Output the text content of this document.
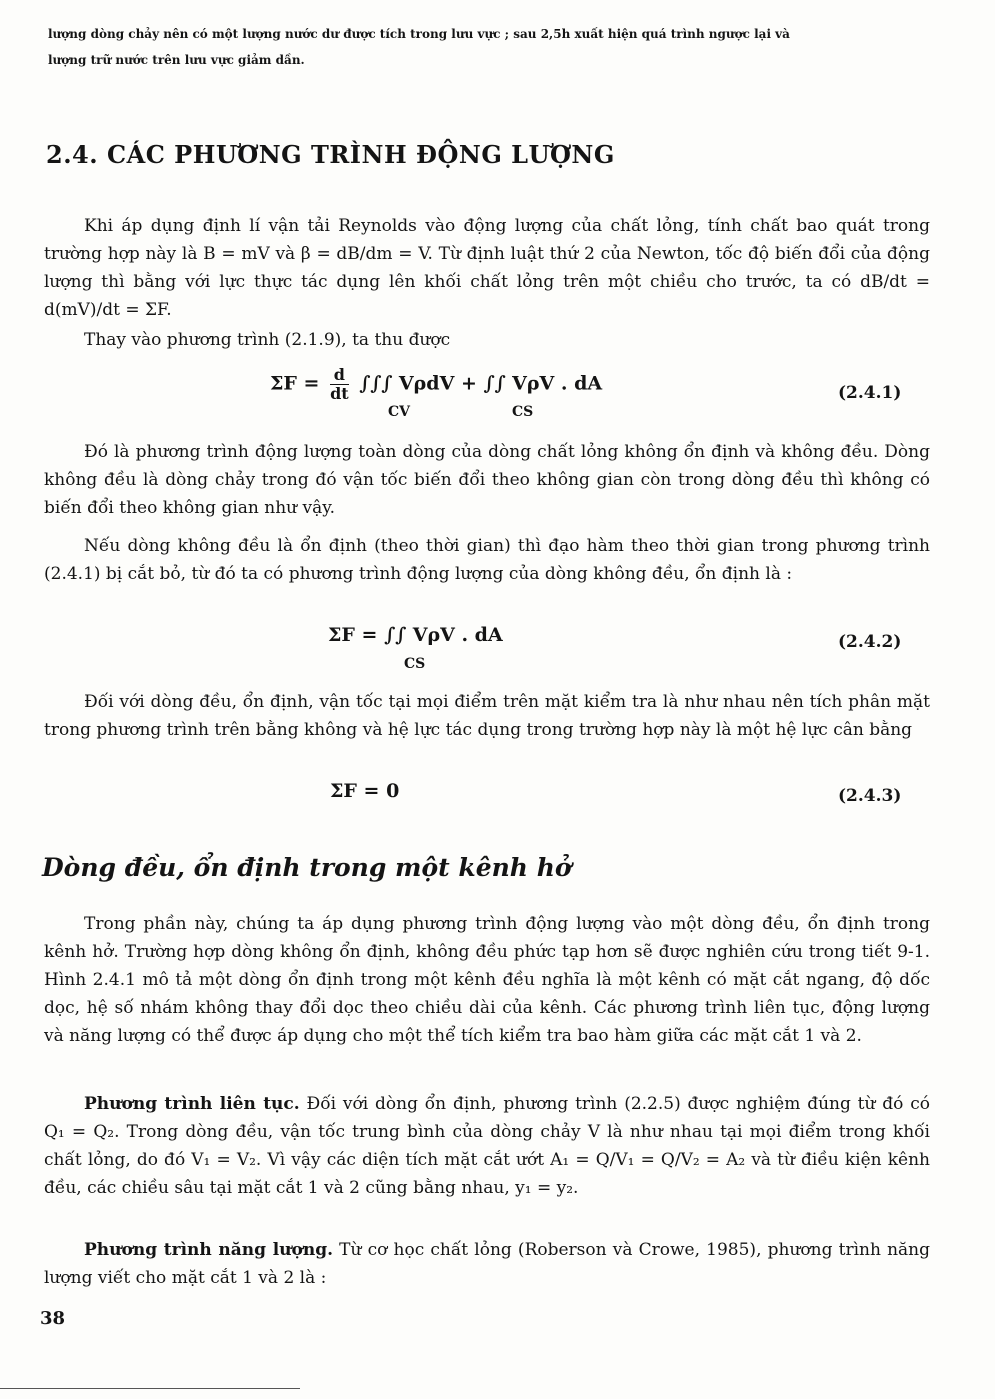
lượng dòng chảy nên có một lượng nước dư được tích trong lưu vực ; sau 2,5h xuất hiện quá trình ngược lại và
lượng trữ nước trên lưu vực giảm dần.
2.4. CÁC PHƯƠNG TRÌNH ĐỘNG LƯỢNG
Khi áp dụng định lí vận tải Reynolds vào động lượng của chất lỏng, tính chất bao quát trong trường hợp này là B = mV và β = dB/dm = V. Từ định luật thứ 2 của Newton, tốc độ biến đổi của động lượng thì bằng với lực thực tác dụng lên khối chất lỏng trên một chiều cho trước, ta có dB/dt = d(mV)/dt = ΣF.
Thay vào phương trình (2.1.9), ta thu được
$\Sigma F = \frac{d}{dt}$ ∫∫∫ VρdV + ∫∫ VρV . dA
CV	CS
(2.4.1)
Đó là phương trình động lượng toàn dòng của dòng chất lỏng không ổn định và không đều. Dòng không đều là dòng chảy trong đó vận tốc biến đổi theo không gian còn trong dòng đều thì không có biến đổi theo không gian như vậy.
Nếu dòng không đều là ổn định (theo thời gian) thì đạo hàm theo thời gian trong phương trình (2.4.1) bị cắt bỏ, từ đó ta có phương trình động lượng của dòng không đều, ổn định là :
ΣF = ∫∫ VρV . dA
CS
(2.4.2)
Đối với dòng đều, ổn định, vận tốc tại mọi điểm trên mặt kiểm tra là như nhau nên tích phân mặt trong phương trình trên bằng không và hệ lực tác dụng trong trường hợp này là một hệ lực cân bằng
ΣF = 0	(2.4.3)
Dòng đều, ổn định trong một kênh hở
Trong phần này, chúng ta áp dụng phương trình động lượng vào một dòng đều, ổn định trong kênh hở. Trường hợp dòng không ổn định, không đều phức tạp hơn sẽ được nghiên cứu trong tiết 9-1. Hình 2.4.1 mô tả một dòng ổn định trong một kênh đều nghĩa là một kênh có mặt cắt ngang, độ dốc dọc, hệ số nhám không thay đổi dọc theo chiều dài của kênh. Các phương trình liên tục, động lượng và năng lượng có thể được áp dụng cho một thể tích kiểm tra bao hàm giữa các mặt cắt 1 và 2.
Phương trình liên tục. Đối với dòng ổn định, phương trình (2.2.5) được nghiệm đúng từ đó có Q₁ = Q₂. Trong dòng đều, vận tốc trung bình của dòng chảy V là như nhau tại mọi điểm trong khối chất lỏng, do đó V₁ = V₂. Vì vậy các diện tích mặt cắt ướt A₁ = Q/V₁ = Q/V₂ = A₂ và từ điều kiện kênh đều, các chiều sâu tại mặt cắt 1 và 2 cũng bằng nhau, y₁ = y₂.
Phương trình năng lượng. Từ cơ học chất lỏng (Roberson và Crowe, 1985), phương trình năng lượng viết cho mặt cắt 1 và 2 là :
38
